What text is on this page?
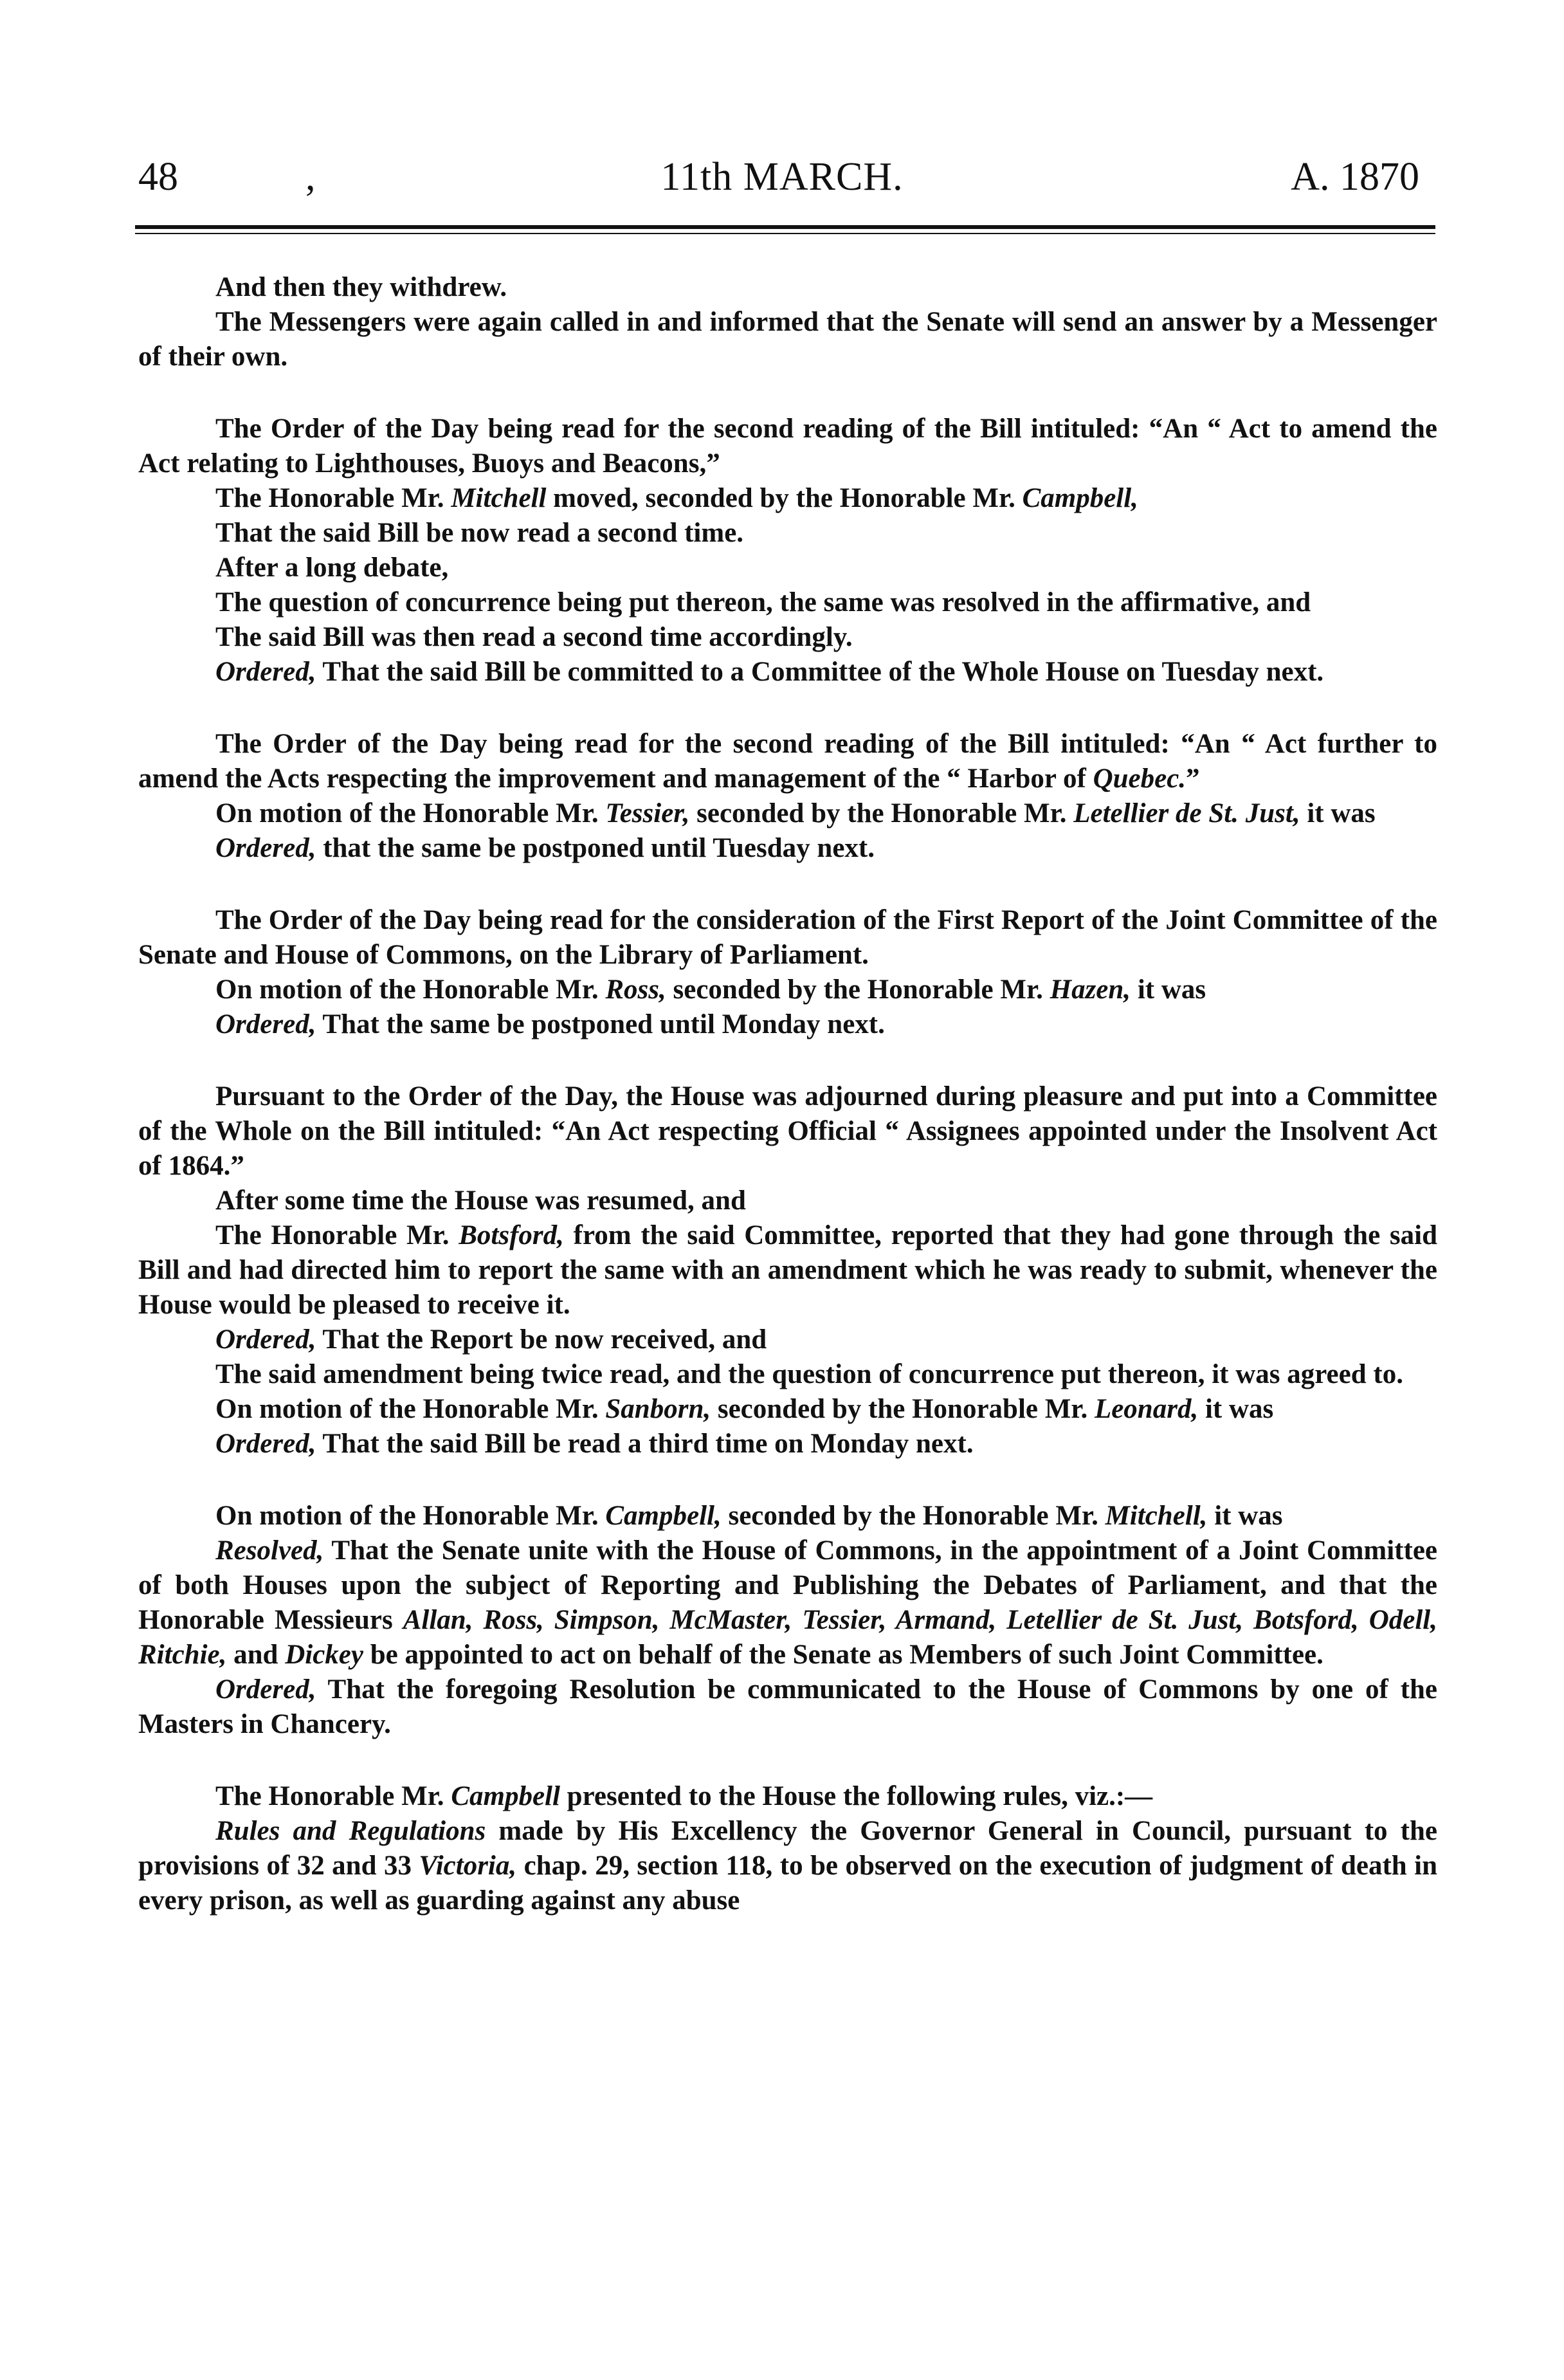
48	,	11th MARCH.	A. 1870

And then they withdrew.

The Messengers were again called in and informed that the Senate will send an answer by a Messenger of their own.

The Order of the Day being read for the second reading of the Bill intituled: “An “ Act to amend the Act relating to Lighthouses, Buoys and Beacons,”

The Honorable Mr. Mitchell moved, seconded by the Honorable Mr. Campbell,

That the said Bill be now read a second time.

After a long debate,

The question of concurrence being put thereon, the same was resolved in the affirmative, and

The said Bill was then read a second time accordingly.

Ordered, That the said Bill be committed to a Committee of the Whole House on Tuesday next.

The Order of the Day being read for the second reading of the Bill intituled: “An “ Act further to amend the Acts respecting the improvement and management of the “ Harbor of Quebec.”

On motion of the Honorable Mr. Tessier, seconded by the Honorable Mr. Letellier de St. Just, it was

Ordered, that the same be postponed until Tuesday next.

The Order of the Day being read for the consideration of the First Report of the Joint Committee of the Senate and House of Commons, on the Library of Parliament.

On motion of the Honorable Mr. Ross, seconded by the Honorable Mr. Hazen, it was

Ordered, That the same be postponed until Monday next.

Pursuant to the Order of the Day, the House was adjourned during pleasure and put into a Committee of the Whole on the Bill intituled: “An Act respecting Official “ Assignees appointed under the Insolvent Act of 1864.”

After some time the House was resumed, and

The Honorable Mr. Botsford, from the said Committee, reported that they had gone through the said Bill and had directed him to report the same with an amendment which he was ready to submit, whenever the House would be pleased to receive it.

Ordered, That the Report be now received, and

The said amendment being twice read, and the question of concurrence put thereon, it was agreed to.

On motion of the Honorable Mr. Sanborn, seconded by the Honorable Mr. Leonard, it was

Ordered, That the said Bill be read a third time on Monday next.

On motion of the Honorable Mr. Campbell, seconded by the Honorable Mr. Mitchell, it was

Resolved, That the Senate unite with the House of Commons, in the appointment of a Joint Committee of both Houses upon the subject of Reporting and Publishing the Debates of Parliament, and that the Honorable Messieurs Allan, Ross, Simpson, McMaster, Tessier, Armand, Letellier de St. Just, Botsford, Odell, Ritchie, and Dickey be appointed to act on behalf of the Senate as Members of such Joint Committee.

Ordered, That the foregoing Resolution be communicated to the House of Commons by one of the Masters in Chancery.

The Honorable Mr. Campbell presented to the House the following rules, viz.:—

Rules and Regulations made by His Excellency the Governor General in Council, pursuant to the provisions of 32 and 33 Victoria, chap. 29, section 118, to be observed on the execution of judgment of death in every prison, as well as guarding against any abuse
